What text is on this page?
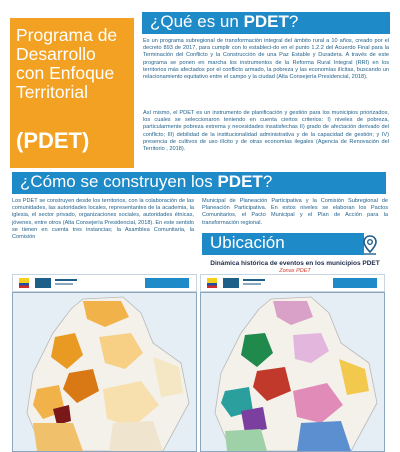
Programa de
Desarrollo
con Enfoque
Territorial
(PDET)
¿Qué es un PDET?
Es un programa subregional de transformación integral del ámbito rural a 10 años, creado por el decreto 893 de 2017, para cumplir con lo estableci-do en el punto 1.2.2 del Acuerdo Final para la Terminación del Conflicto y la Construcción de una Paz Estable y Duradera. A través de este programa se ponen en marcha los instrumentos de la Reforma Rural Integral (RRI) en los territorios más afectados por el conflicto armado, la pobreza y las economías ilícitas, buscando un relacionamiento equitativo entre el campo y la ciudad (Alta Consejería Presidencial, 2018).
Así mismo, el PDET es un instrumento de planificación y gestión para los municipios priorizados, los cuales se seleccionaron teniendo en cuenta ciertos criterios: I) niveles de pobreza, particularmente pobreza extrema y necesidades insatisfechas II) grado de afectación derivado del conflicto; III) debilidad de la institucionalidad administrativa y de la capacidad de gestión; y IV) presencia de cultivos de uso ilícito y de otras economías ilegales (Agencia de Renovación del Territorio , 2018).
¿Cómo se construyen los PDET?
Los PDET se construyen desde los territorios, con la colaboración de las comunidades, las autoridades locales, representantes de la academia, la iglesia, el sector privado, organizaciones sociales, autoridades étnicas, jóvenes, entre otros (Alta Consejería Presidencial, 2018). En este sentido se tienen en cuenta tres instancias; la Asamblea Comunitaria, la Comisión
Municipal de Planeación Participativa y la Comisión Subregional de Planeación Participativa. En estos niveles se elaboran los Pactos Comunitarios, el Pacto Municipal y el Plan de Acción para la transformación regional.
Ubicación
Dinámica histórica de eventos en los municipios PDET
Zonas PDET
